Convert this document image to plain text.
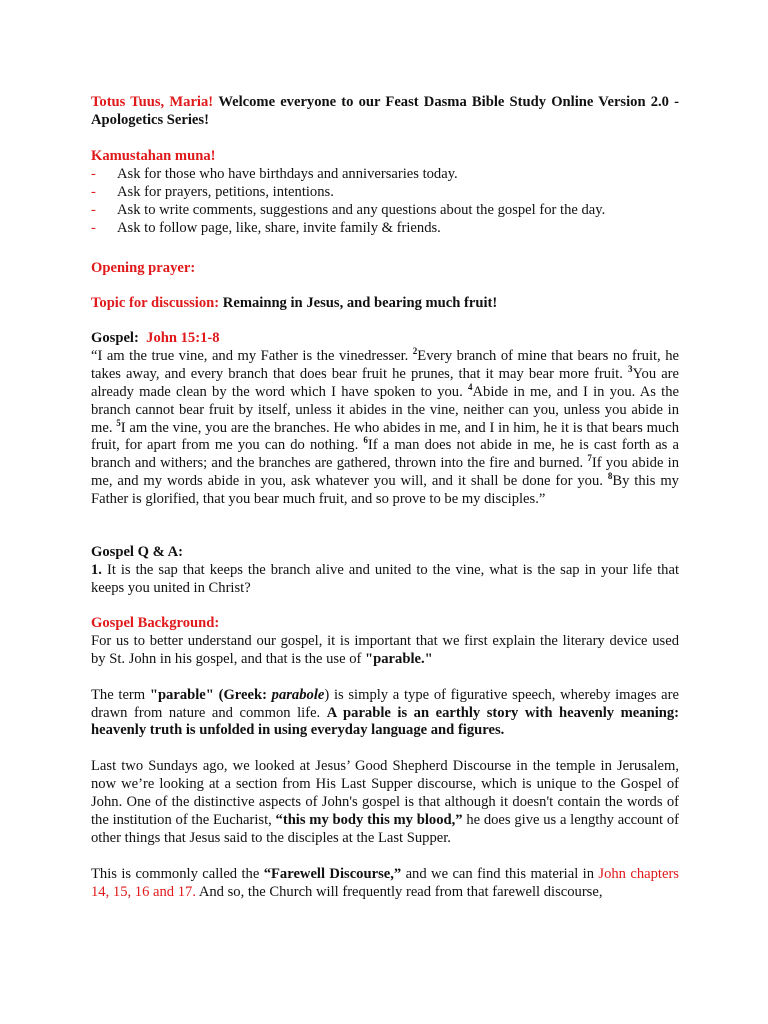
Totus Tuus, Maria! Welcome everyone to our Feast Dasma Bible Study Online Version 2.0 -
Apologetics Series!
Kamustahan muna!
- Ask for those who have birthdays and anniversaries today.
- Ask for prayers, petitions, intentions.
- Ask to write comments, suggestions and any questions about the gospel for the day.
- Ask to follow page, like, share, invite family & friends.
Opening prayer:
Topic for discussion: Remainng in Jesus, and bearing much fruit!
Gospel: John 15:1-8
“I am the true vine, and my Father is the vinedresser. $^2$Every branch of mine that bears no fruit, he takes away, and every branch that does bear fruit he prunes, that it may bear more fruit. $^3$You are already made clean by the word which I have spoken to you. $^4$Abide in me, and I in you. As the branch cannot bear fruit by itself, unless it abides in the vine, neither can you, unless you abide in me. $^5$I am the vine, you are the branches. He who abides in me, and I in him, he it is that bears much fruit, for apart from me you can do nothing. $^6$If a man does not abide in me, he is cast forth as a branch and withers; and the branches are gathered, thrown into the fire and burned. $^7$If you abide in me, and my words abide in you, ask whatever you will, and it shall be done for you. $^8$By this my Father is glorified, that you bear much fruit, and so prove to be my disciples.”
Gospel Q & A:
1. It is the sap that keeps the branch alive and united to the vine, what is the sap in your life that keeps you united in Christ?
Gospel Background:
For us to better understand our gospel, it is important that we first explain the literary device used by St. John in his gospel, and that is the use of "parable."
The term "parable" (Greek: parabole) is simply a type of figurative speech, whereby images are drawn from nature and common life. A parable is an earthly story with heavenly meaning: heavenly truth is unfolded in using everyday language and figures.
Last two Sundays ago, we looked at Jesus’ Good Shepherd Discourse in the temple in Jerusalem, now we’re looking at a section from His Last Supper discourse, which is unique to the Gospel of John. One of the distinctive aspects of John's gospel is that although it doesn't contain the words of the institution of the Eucharist, “this my body this my blood,” he does give us a lengthy account of other things that Jesus said to the disciples at the Last Supper.
This is commonly called the “Farewell Discourse,” and we can find this material in John chapters 14, 15, 16 and 17. And so, the Church will frequently read from that farewell discourse,
